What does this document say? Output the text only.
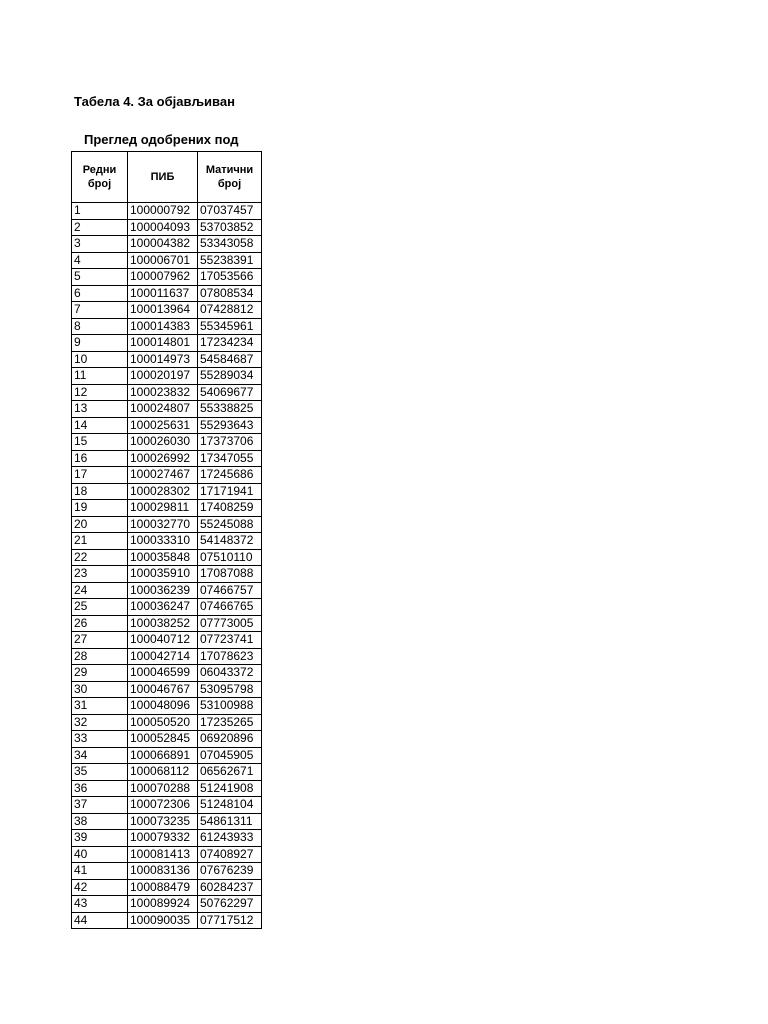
Табела 4. За објављиван
Преглед одобрених под
Редни број	ПИБ	Матични број
1	100000792	07037457
2	100004093	53703852
3	100004382	53343058
4	100006701	55238391
5	100007962	17053566
6	100011637	07808534
7	100013964	07428812
8	100014383	55345961
9	100014801	17234234
10	100014973	54584687
11	100020197	55289034
12	100023832	54069677
13	100024807	55338825
14	100025631	55293643
15	100026030	17373706
16	100026992	17347055
17	100027467	17245686
18	100028302	17171941
19	100029811	17408259
20	100032770	55245088
21	100033310	54148372
22	100035848	07510110
23	100035910	17087088
24	100036239	07466757
25	100036247	07466765
26	100038252	07773005
27	100040712	07723741
28	100042714	17078623
29	100046599	06043372
30	100046767	53095798
31	100048096	53100988
32	100050520	17235265
33	100052845	06920896
34	100066891	07045905
35	100068112	06562671
36	100070288	51241908
37	100072306	51248104
38	100073235	54861311
39	100079332	61243933
40	100081413	07408927
41	100083136	07676239
42	100088479	60284237
43	100089924	50762297
44	100090035	07717512
